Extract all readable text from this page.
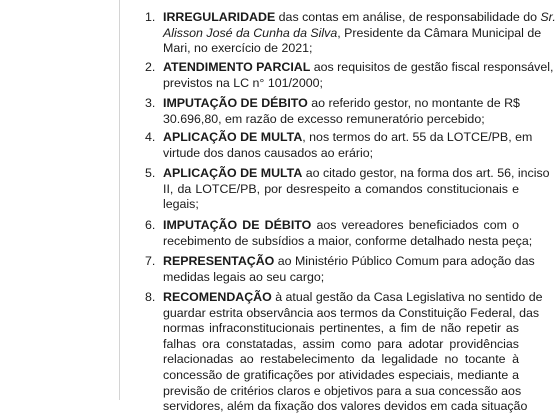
1. IRREGULARIDADE das contas em análise, de responsabilidade do Sr.
Alisson José da Cunha da Silva, Presidente da Câmara Municipal de
Mari, no exercício de 2021;
2. ATENDIMENTO PARCIAL aos requisitos de gestão fiscal responsável,
previstos na LC n° 101/2000;
3. IMPUTAÇÃO DE DÉBITO ao referido gestor, no montante de R$
30.696,80, em razão de excesso remuneratório percebido;
4. APLICAÇÃO DE MULTA, nos termos do art. 55 da LOTCE/PB, em
virtude dos danos causados ao erário;
5. APLICAÇÃO DE MULTA ao citado gestor, na forma dos art. 56, inciso
II, da LOTCE/PB, por desrespeito a comandos constitucionais e
legais;
6. IMPUTAÇÃO DE DÉBITO aos vereadores beneficiados com o
recebimento de subsídios a maior, conforme detalhado nesta peça;
7. REPRESENTAÇÃO ao Ministério Público Comum para adoção das
medidas legais ao seu cargo;
8. RECOMENDAÇÃO à atual gestão da Casa Legislativa no sentido de
guardar estrita observância aos termos da Constituição Federal, das
normas infraconstitucionais pertinentes, a fim de não repetir as
falhas ora constatadas, assim como para adotar providências
relacionadas ao restabelecimento da legalidade no tocante à
concessão de gratificações por atividades especiais, mediante a
previsão de critérios claros e objetivos para a sua concessão aos
servidores, além da fixação dos valores devidos em cada situação
